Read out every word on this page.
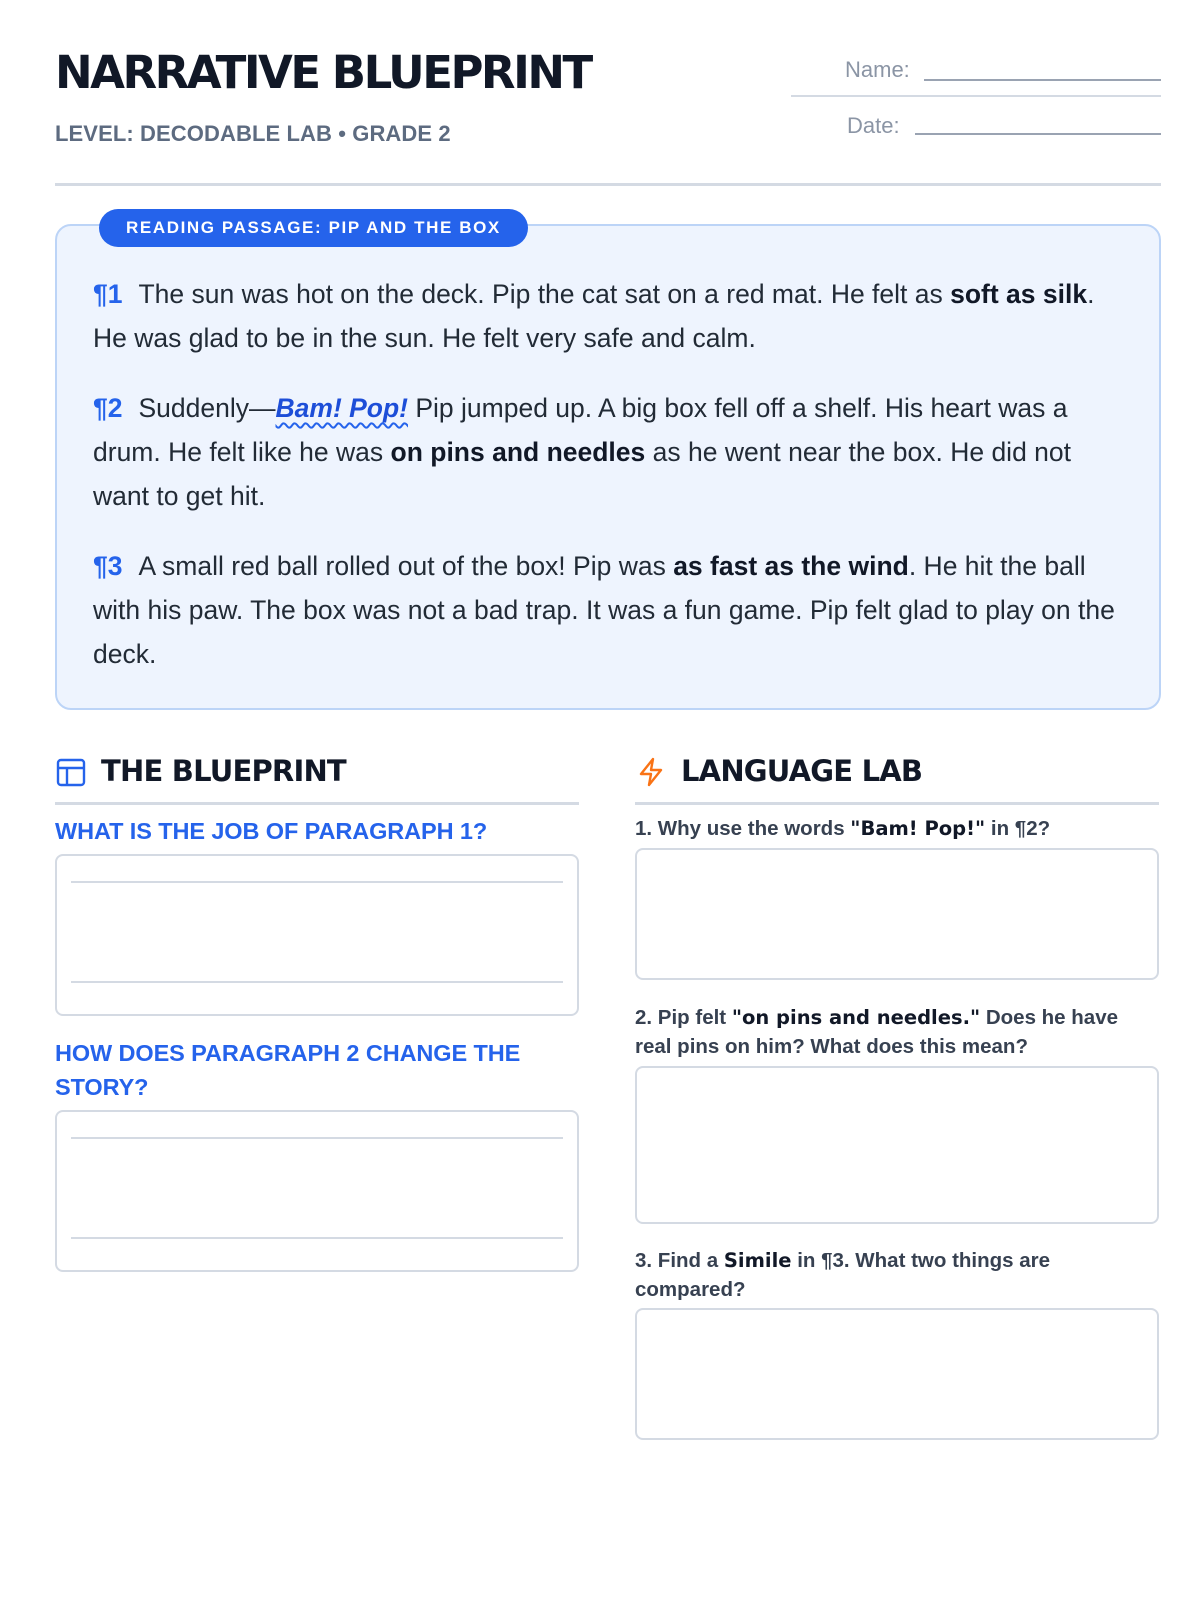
NARRATIVE BLUEPRINT
LEVEL: DECODABLE LAB • GRADE 2
Name:
Date:
READING PASSAGE: PIP AND THE BOX

¶1 The sun was hot on the deck. Pip the cat sat on a red mat. He felt as soft as silk. He was glad to be in the sun. He felt very safe and calm.

¶2 Suddenly—Bam! Pop! Pip jumped up. A big box fell off a shelf. His heart was a drum. He felt like he was on pins and needles as he went near the box. He did not want to get hit.

¶3 A small red ball rolled out of the box! Pip was as fast as the wind. He hit the ball with his paw. The box was not a bad trap. It was a fun game. Pip felt glad to play on the deck.

THE BLUEPRINT
WHAT IS THE JOB OF PARAGRAPH 1?
HOW DOES PARAGRAPH 2 CHANGE THE STORY?
LANGUAGE LAB
1. Why use the words "Bam! Pop!" in ¶2?
2. Pip felt "on pins and needles." Does he have real pins on him? What does this mean?
3. Find a Simile in ¶3. What two things are compared?
